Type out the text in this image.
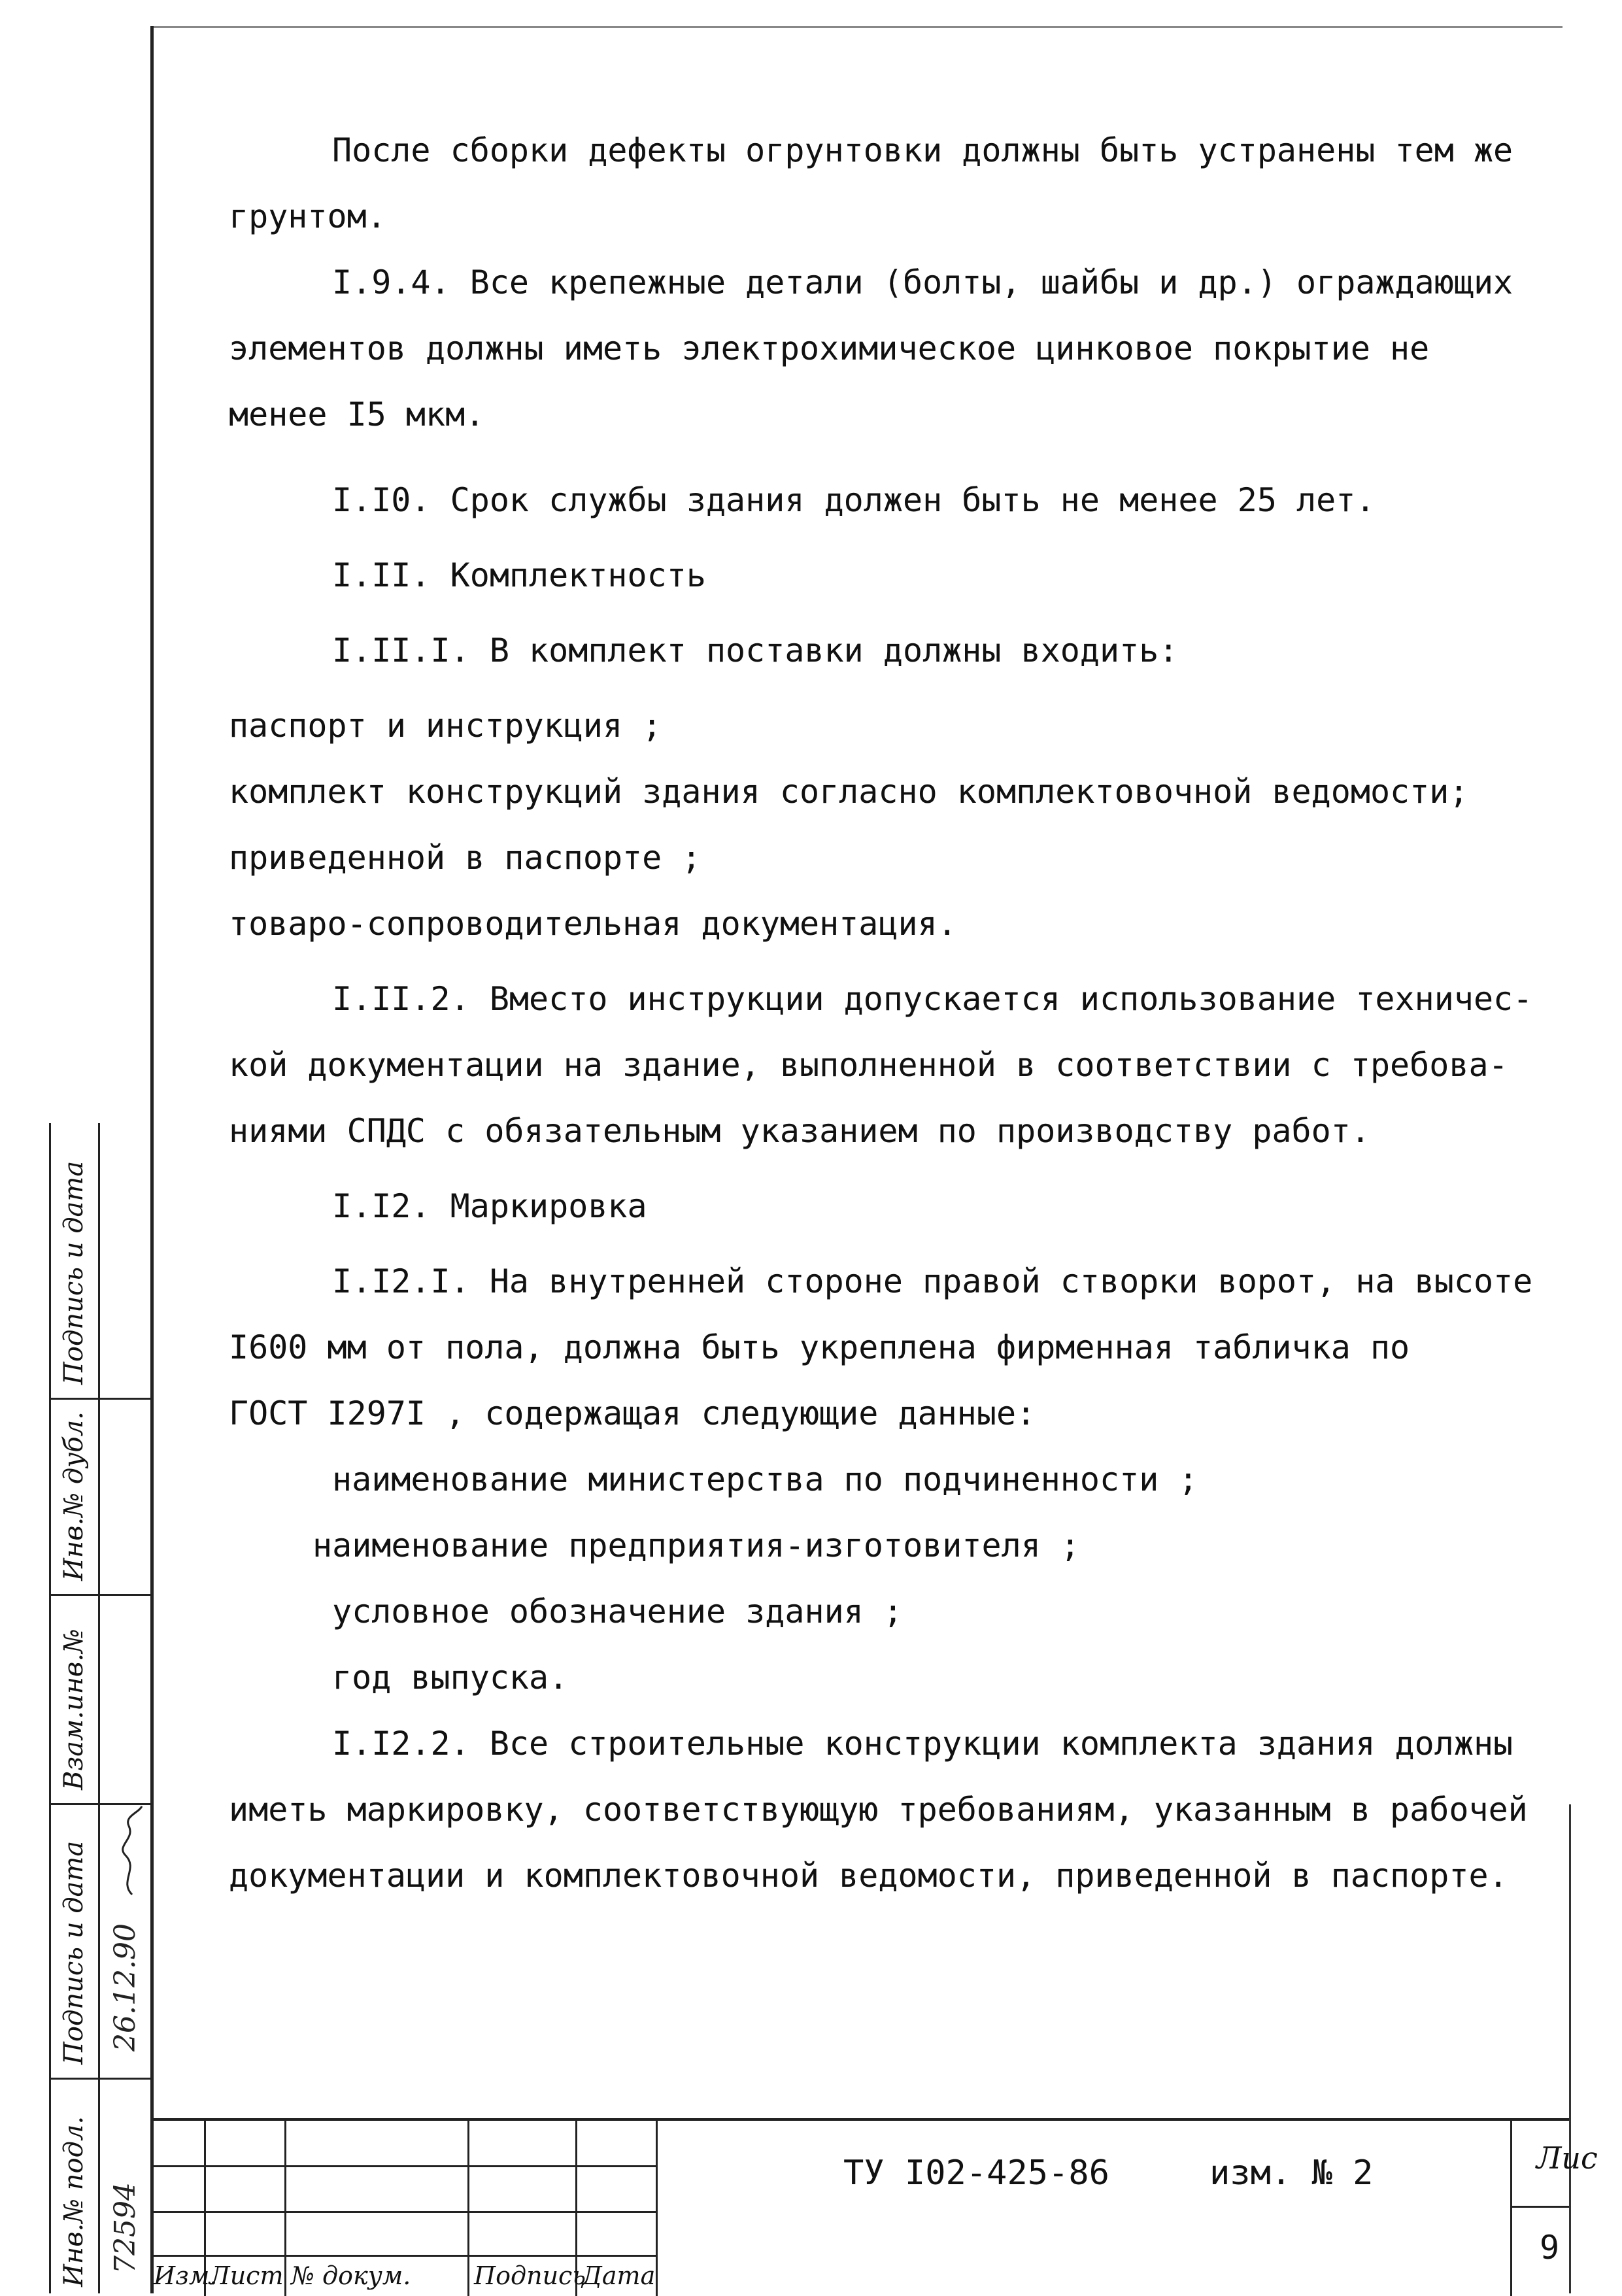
После сборки дефекты огрунтовки должны быть устранены тем же
грунтом.
I.9.4. Все крепежные детали (болты, шайбы и др.) ограждающих
элементов должны иметь электрохимическое цинковое покрытие не
менее I5 мкм.
I.I0. Срок службы здания должен быть не менее 25 лет.
I.II. Комплектность
I.II.I. В комплект поставки должны входить:
паспорт и инструкция ;
комплект конструкций здания согласно комплектовочной ведомости;
приведенной в паспорте ;
товаро-сопроводительная документация.
I.II.2. Вместо инструкции допускается использование техничес-
кой документации на здание, выполненной в соответствии с требова-
ниями СПДС с обязательным указанием по производству работ.
I.I2. Маркировка
I.I2.I. На внутренней стороне правой створки ворот, на высоте
I600 мм от пола, должна быть укреплена фирменная табличка по
ГОСТ I297I , содержащая следующие данные:
наименование министерства по подчиненности ;
наименование предприятия-изготовителя ;
условное обозначение здания ;
год выпуска.
I.I2.2. Все строительные конструкции комплекта здания должны
иметь маркировку, соответствующую требованиям, указанным в рабочей
документации и комплектовочной ведомости, приведенной в паспорте.
Подпись и дата
Инв.№ дубл.
Взам.инв.№
Подпись и дата
Инв.№ подл.
26.12.90
72594
ТУ I02-425-86	изм. № 2	Лис
9
Изм.
Лист № докум.	Подпись
Дата
